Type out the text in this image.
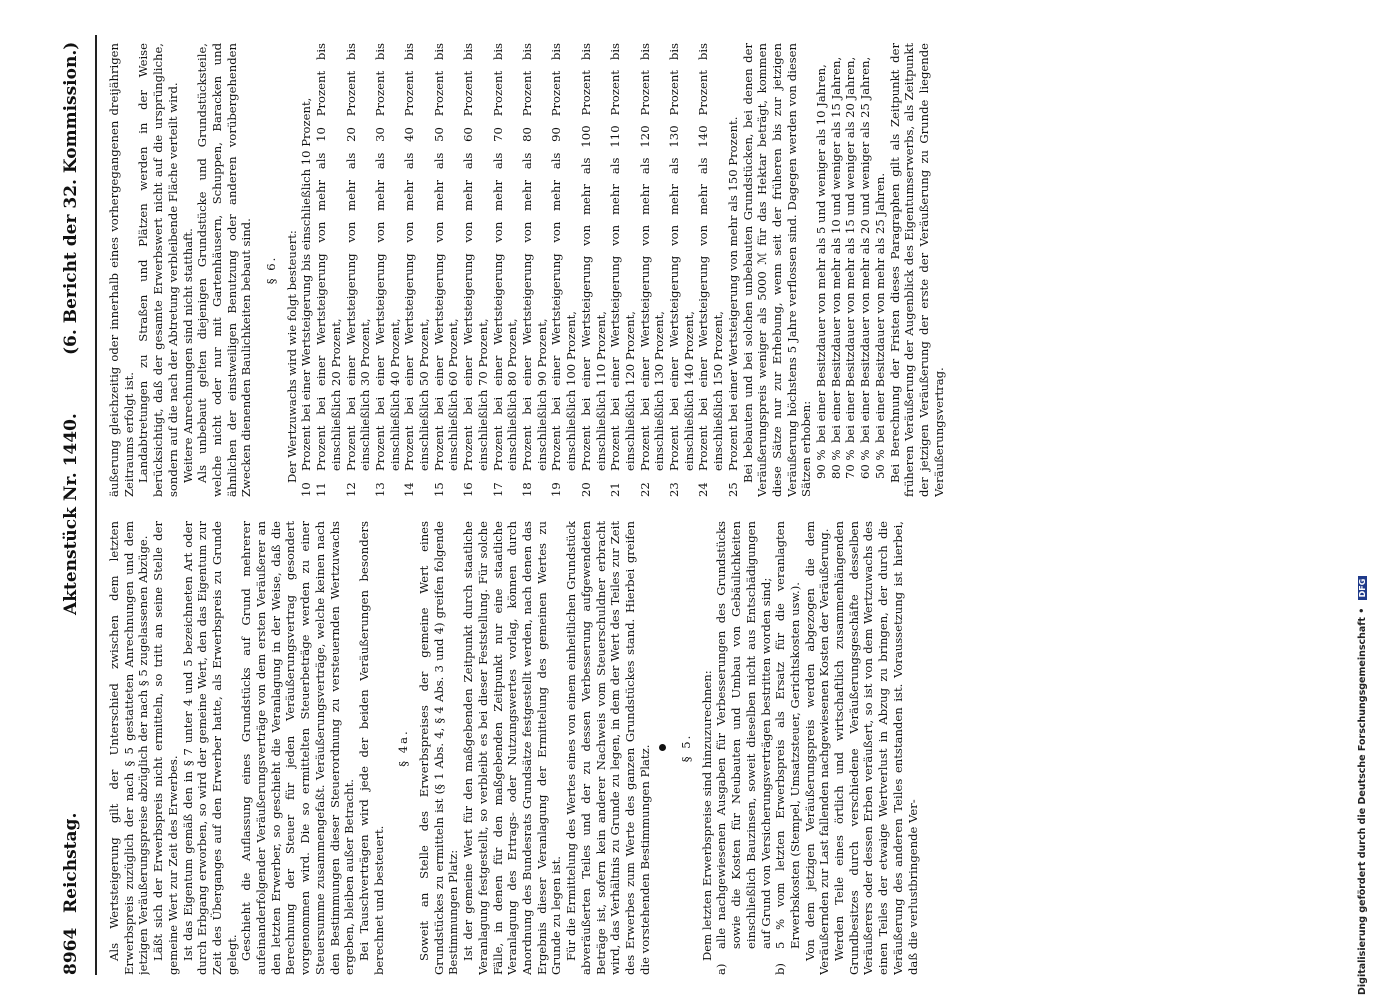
8964
Reichstag.
Aktenstück Nr. 1440.
(6. Bericht der 32. Kommission.)

Als Wertsteigerung gilt der Unterschied zwischen dem letzten Erwerbspreis zuzüglich der nach § 5 gestatteten Anrechnungen und dem jetzigen Veräußerungspreise abzüglich der nach § 5 zugelassenen Abzüge. Läßt sich der Erwerbspreis nicht ermitteln, so tritt an seine Stelle der gemeine Wert zur Zeit des Erwerbes. Ist das Eigentum gemäß den in § 7 unter 4 und 5 bezeichneten Art oder durch Erbgang erworben, so wird der gemeine Wert, den das Eigentum zur Zeit des Überganges auf den Erwerber hatte, als Erwerbspreis zu Grunde gelegt. Geschieht die Auflassung eines Grundstücks auf Grund mehrerer aufeinanderfolgender Veräußerungsverträge von dem ersten Veräußerer an den letzten Erwerber, so geschieht die Veranlagung in der Weise, daß die Berechnung der Steuer für jeden Veräußerungsvertrag gesondert vorgenommen wird. Die so ermittelten Steuerbeträge werden zu einer Steuersumme zusammengefaßt. Veräußerungsverträge, welche keinen nach den Bestimmungen dieser Steuerordnung zu versteuernden Wertzuwachs ergeben, bleiben außer Betracht. Bei Tauschverträgen wird jede der beiden Veräußerungen besonders berechnet und besteuert.

§ 4a. Soweit an Stelle des Erwerbspreises der gemeine Wert eines Grundstückes zu ermitteln ist (§ 1 Abs. 4, § 4 Abs. 3 und 4) greifen folgende Bestimmungen Platz: Ist der gemeine Wert für den maßgebenden Zeitpunkt durch staatliche Veranlagung festgestellt, so verbleibt es bei dieser Feststellung. Für solche Fälle, in denen für den maßgebenden Zeitpunkt nur eine staatliche Veranlagung des Ertrags- oder Nutzungswertes vorlag, können durch Anordnung des Bundesrats Grundsätze festgestellt werden, nach denen das Ergebnis dieser Veranlagung der Ermittelung des gemeinen Wertes zu Grunde zu legen ist. Für die Ermittelung des Wertes eines von einem einheitlichen Grundstück abveräußerten Teiles und der zu dessen Verbesserung aufgewendeten Beträge ist, sofern kein anderer Nachweis vom Steuerschuldner erbracht wird, das Verhältnis zu Grunde zu legen, in dem der Wert des Teiles zur Zeit des Erwerbes zum Werte des ganzen Grundstückes stand. Hierbei greifen die vorstehenden Bestimmungen Platz. § 5. Dem letzten Erwerbspreise sind hinzuzurechnen:

a)
alle nachgewiesenen Ausgaben für Verbesserungen des Grundstücks sowie die Kosten für Neubauten und Umbau von Gebäulichkeiten einschließlich Bauzinsen, soweit dieselben nicht aus Entschädigungen auf Grund von Versicherungsverträgen bestritten worden sind;
b)
5 % vom letzten Erwerbspreis als Ersatz für die veranlagten Erwerbskosten (Stempel, Umsatzsteuer, Gerichtskosten usw.). Von dem jetzigen Veräußerungspreis werden abgezogen die dem Veräußernden zur Last fallenden nachgewiesenen Kosten der Veräußerung. Werden Teile eines örtlich und wirtschaftlich zusammenhängenden Grundbesitzes durch verschiedene Veräußerungsgeschäfte desselben Veräußerers oder dessen Erben veräußert, so ist von dem Wertzuwachs des einen Teiles der etwaige Wertverlust in Abzug zu bringen, der durch die Veräußerung des anderen Teiles entstanden ist. Voraussetzung ist hierbei, daß die verlustbringende Ver-

äußerung gleichzeitig oder innerhalb eines vorhergegangenen dreijährigen Zeitraums erfolgt ist. Landabtretungen zu Straßen und Plätzen werden in der Weise berücksichtigt, daß der gesamte Erwerbswert nicht auf die ursprüngliche, sondern auf die nach der Abtretung verbleibende Fläche verteilt wird. Weitere Anrechnungen sind nicht statthaft. Als unbebaut gelten diejenigen Grundstücke und Grundstücksteile, welche nicht oder nur mit Gartenhäusern, Schuppen, Baracken und ähnlichen der einstweiligen Benutzung oder anderen vorübergehenden Zwecken dienenden Baulichkeiten bebaut sind. § 6. Der Wertzuwachs wird wie folgt besteuert:

10
Prozent bei einer Wertsteigerung bis einschließlich 10 Prozent,
11
Prozent bei einer Wertsteigerung von mehr als 10 Prozent bis einschließlich 20 Prozent,
12
Prozent bei einer Wertsteigerung von mehr als 20 Prozent bis einschließlich 30 Prozent,
13
Prozent bei einer Wertsteigerung von mehr als 30 Prozent bis einschließlich 40 Prozent,
14
Prozent bei einer Wertsteigerung von mehr als 40 Prozent bis einschließlich 50 Prozent,
15
Prozent bei einer Wertsteigerung von mehr als 50 Prozent bis einschließlich 60 Prozent,
16
Prozent bei einer Wertsteigerung von mehr als 60 Prozent bis einschließlich 70 Prozent,
17
Prozent bei einer Wertsteigerung von mehr als 70 Prozent bis einschließlich 80 Prozent,
18
Prozent bei einer Wertsteigerung von mehr als 80 Prozent bis einschließlich 90 Prozent,
19
Prozent bei einer Wertsteigerung von mehr als 90 Prozent bis einschließlich 100 Prozent,
20
Prozent bei einer Wertsteigerung von mehr als 100 Prozent bis einschließlich 110 Prozent,
21
Prozent bei einer Wertsteigerung von mehr als 110 Prozent bis einschließlich 120 Prozent,
22
Prozent bei einer Wertsteigerung von mehr als 120 Prozent bis einschließlich 130 Prozent,
23
Prozent bei einer Wertsteigerung von mehr als 130 Prozent bis einschließlich 140 Prozent,
24
Prozent bei einer Wertsteigerung von mehr als 140 Prozent bis einschließlich 150 Prozent,
25
Prozent bei einer Wertsteigerung von mehr als 150 Prozent. Bei bebauten und bei solchen unbebauten Grundstücken, bei denen der Veräußerungspreis weniger als 5000 ℳ für das Hektar beträgt, kommen diese Sätze nur zur Erhebung, wenn seit der früheren bis zur jetzigen Veräußerung höchstens 5 Jahre verflossen sind. Dagegen werden von diesen Sätzen erhoben: 90 %
bei einer Besitzdauer von mehr als 5 und weniger als 10 Jahren,
80 %
bei einer Besitzdauer von mehr als 10 und weniger als 15 Jahren,
70 %
bei einer Besitzdauer von mehr als 15 und weniger als 20 Jahren,
60 %
bei einer Besitzdauer von mehr als 20 und weniger als 25 Jahren,
50 %
bei einer Besitzdauer von mehr als 25 Jahren. Bei Berechnung der Fristen dieses Paragraphen gilt als Zeitpunkt der früheren Veräußerung der Augenblick des Eigentumserwerbs, als Zeitpunkt der jetzigen Veräußerung der erste der Veräußerung zu Grunde liegende Veräußerungsvertrag.

Digitalisierung gefördert durch die Deutsche Forschungsgemeinschaft • DFG
